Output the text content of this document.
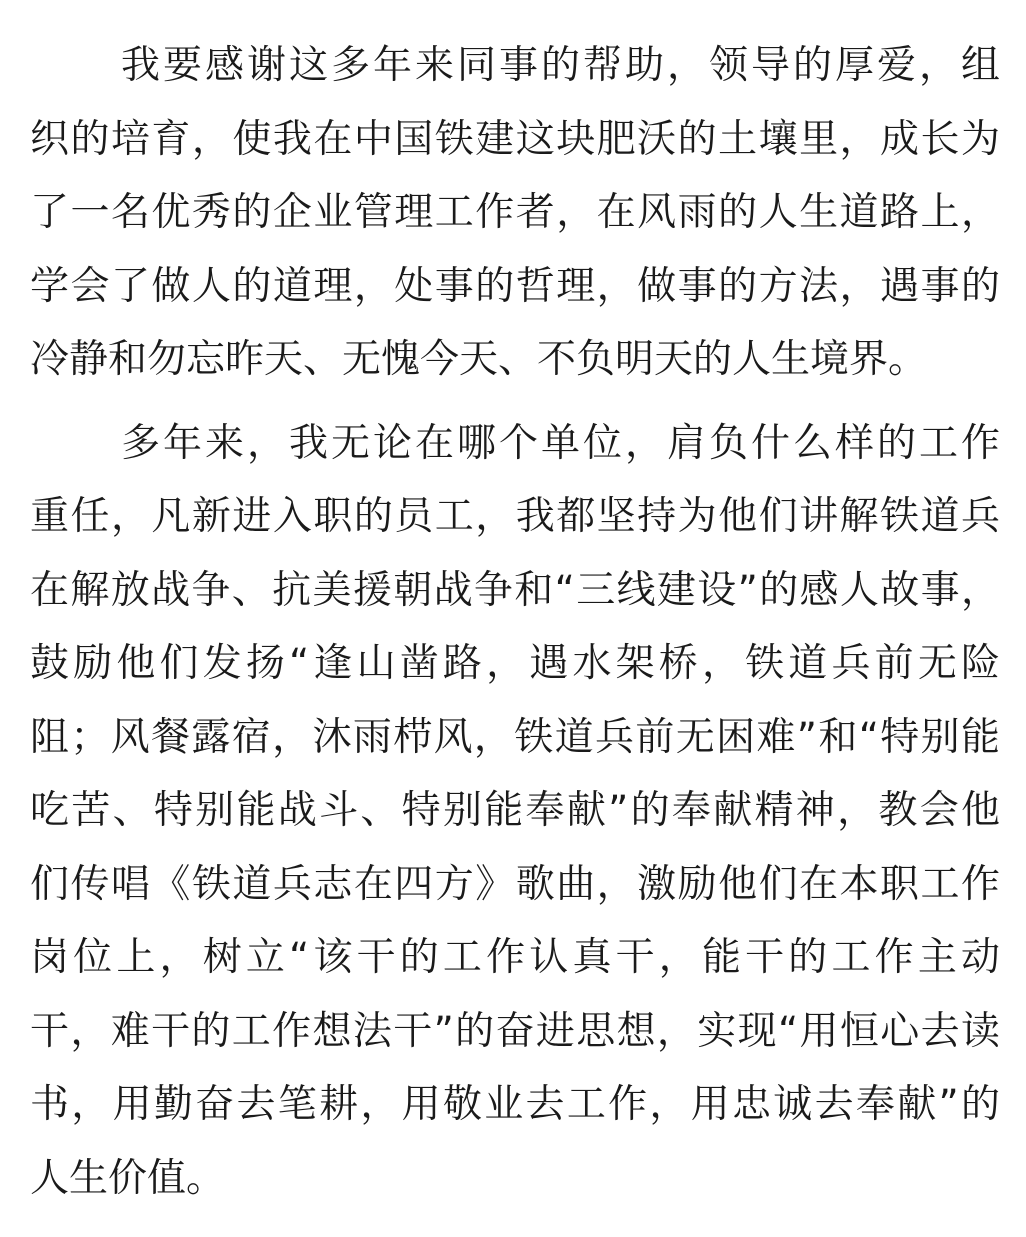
我要感谢这多年来同事的帮助，领导的厚爱，组
织的培育，使我在中国铁建这块肥沃的土壤里，成长为
了一名优秀的企业管理工作者，在风雨的人生道路上，
学会了做人的道理，处事的哲理，做事的方法，遇事的
冷静和勿忘昨天、无愧今天、不负明天的人生境界。

多年来，我无论在哪个单位，肩负什么样的工作
重任，凡新进入职的员工，我都坚持为他们讲解铁道兵
在解放战争、抗美援朝战争和“三线建设”的感人故事，
鼓励他们发扬“逢山凿路，遇水架桥，铁道兵前无险
阻；风餐露宿，沐雨栉风，铁道兵前无困难”和“特别能
吃苦、特别能战斗、特别能奉献”的奉献精神，教会他
们传唱《铁道兵志在四方》歌曲，激励他们在本职工作
岗位上，树立“该干的工作认真干，能干的工作主动
干，难干的工作想法干”的奋进思想，实现“用恒心去读
书，用勤奋去笔耕，用敬业去工作，用忠诚去奉献”的
人生价值。
